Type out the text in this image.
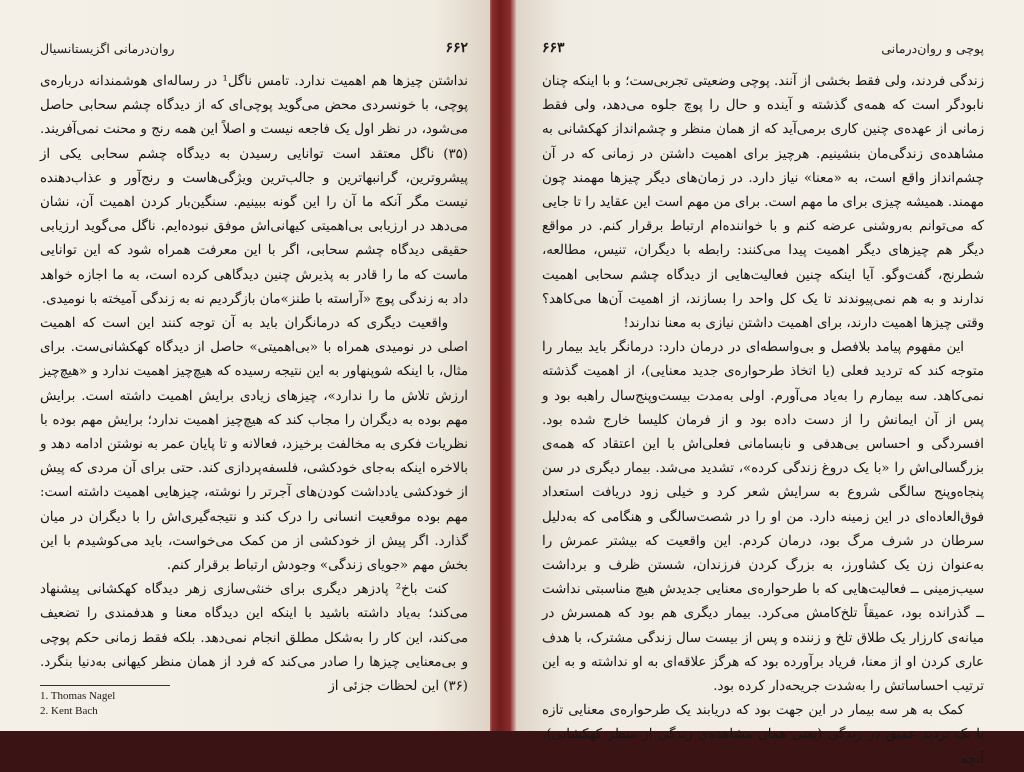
۶۶۲
روان‌درمانی اگزیستانسیال

نداشتن چیزها هم اهمیت ندارد. تامس ناگل¹ در رساله‌ای هوشمندانه درباره‌ی پوچی، با خونسردی محض می‌گوید پوچی‌ای که از دیدگاه چشم سحابی حاصل می‌شود، در نظر اول یک فاجعه نیست و اصلاً این همه رنج و محنت نمی‌آفریند. (۳۵) ناگل معتقد است توانایی رسیدن به دیدگاه چشم سحابی یکی از پیشروترین، گرانبهاترین و جالب‌ترین ویژگی‌هاست و رنج‌آور و عذاب‌دهنده نیست مگر آنکه ما آن را این گونه ببینیم. سنگین‌بار کردن اهمیت آن، نشان می‌دهد در ارزیابی بی‌اهمیتی کیهانی‌اش موفق نبوده‌ایم. ناگل می‌گوید ارزیابی حقیقی دیدگاه چشم سحابی، اگر با این معرفت همراه شود که این توانایی ماست که ما را قادر به پذیرش چنین دیدگاهی کرده است، به ما اجازه خواهد داد به زندگی پوچ «آراسته با طنز»مان بازگردیم نه به زندگی آمیخته با نومیدی.

واقعیت دیگری که درمانگران باید به آن توجه کنند این است که اهمیت اصلی در نومیدی همراه با «بی‌اهمیتی» حاصل از دیدگاه کهکشانی‌ست. برای مثال، با اینکه شوپنهاور به این نتیجه رسیده که هیچ‌چیز اهمیت ندارد و «هیچ‌چیز ارزش تلاش ما را ندارد»، چیزهای زیادی برایش اهمیت داشته است. برایش مهم بوده به دیگران را مجاب کند که هیچ‌چیز اهمیت ندارد؛ برایش مهم بوده با نظریات فکری به مخالفت برخیزد، فعالانه و تا پایان عمر به نوشتن ادامه دهد و بالاخره اینکه به‌جای خودکشی، فلسفه‌پردازی کند. حتی برای آن مردی که پیش از خودکشی یادداشت کودن‌های آجرتر را نوشته، چیزهایی اهمیت داشته است: مهم بوده موقعیت انسانی را درک کند و نتیجه‌گیری‌اش را با دیگران در میان گذارد. اگر پیش از خودکشی از من کمک می‌خواست، باید می‌کوشیدم با این بخش مهم «جویای زندگی» وجودش ارتباط برقرار کنم.

کنت باخ² پادزهر دیگری برای خنثی‌سازی زهر دیدگاه کهکشانی پیشنهاد می‌کند؛ به‌یاد داشته باشید با اینکه این دیدگاه معنا و هدفمندی را تضعیف می‌کند، این کار را به‌شکل مطلق انجام نمی‌دهد. بلکه فقط زمانی حکم پوچی و بی‌معنایی چیزها را صادر می‌کند که فرد از همان منظر کیهانی به‌دنیا بنگرد. (۳۶) این لحظات جزئی از

1. Thomas Nagel
2. Kent Bach
پوچی و روان‌درمانی
۶۶۳

زندگی فردند، ولی فقط بخشی از آنند. پوچی وضعیتی تجربی‌ست؛ و با اینکه چنان نابودگر است که همه‌ی گذشته و آینده و حال را پوچ جلوه می‌دهد، ولی فقط زمانی از عهده‌ی چنین کاری برمی‌آید که از همان منظر و چشم‌انداز کهکشانی به مشاهده‌ی زندگی‌مان بنشینیم. هرچیز برای اهمیت داشتن در زمانی که در آن چشم‌انداز واقع است، به «معنا» نیاز دارد. در زمان‌های دیگر چیزها مهمند چون مهمند. همیشه چیزی برای ما مهم است. برای من مهم است این عقاید را تا جایی که می‌توانم به‌روشنی عرضه کنم و با خواننده‌ام ارتباط برقرار کنم. در مواقع دیگر هم چیزهای دیگر اهمیت پیدا می‌کنند: رابطه با دیگران، تنیس، مطالعه، شطرنج، گفت‌وگو. آیا اینکه چنین فعالیت‌هایی از دیدگاه چشم سحابی اهمیت ندارند و به هم نمی‌پیوندند تا یک کل واحد را بسازند، از اهمیت آن‌ها می‌کاهد؟ وقتی چیزها اهمیت دارند، برای اهمیت داشتن نیازی به معنا ندارند!

این مفهوم پیامد بلافصل و بی‌واسطه‌ای در درمان دارد: درمانگر باید بیمار را متوجه کند که تردید فعلی (یا اتخاذ طرحواره‌ی جدید معنایی)، از اهمیت گذشته نمی‌کاهد. سه بیمارم را به‌یاد می‌آورم. اولی به‌مدت بیست‌وپنج‌سال راهبه بود و پس از آن ایمانش را از دست داده بود و از فرمان کلیسا خارج شده بود. افسردگی و احساس بی‌هدفی و نابسامانی فعلی‌اش با این اعتقاد که همه‌ی بزرگسالی‌اش را «با یک دروغ زندگی کرده»، تشدید می‌شد. بیمار دیگری در سن پنجاه‌وپنج سالگی شروع به سرایش شعر کرد و خیلی زود دریافت استعداد فوق‌العاده‌ای در این زمینه دارد. من او را در شصت‌سالگی و هنگامی که به‌دلیل سرطان در شرف مرگ بود، درمان کردم. این واقعیت که بیشتر عمرش را به‌عنوان زن یک کشاورز، به بزرگ کردن فرزندان، شستن ظرف و برداشت سیب‌زمینی ــ فعالیت‌هایی که با طرحواره‌ی معنایی جدیدش هیچ مناسبتی نداشت ــ گذرانده بود، عمیقاً تلخ‌کامش می‌کرد. بیمار دیگری هم بود که همسرش در میانه‌ی کارزار یک طلاق تلخ و زننده و پس از بیست سال زندگی مشترک، با هدف عاری کردن او از معنا، فریاد برآورده بود که هرگز علاقه‌ای به او نداشته و به این ترتیب احساساتش را به‌شدت جریحه‌دار کرده بود.

کمک به هر سه بیمار در این جهت بود که دریابند یک طرحواره‌ی معنایی تازه یا یک تردید عمیق در زندگی (یعنی همان مشاهده‌ی زندگی از منظر کهکشانی)، آنچه
